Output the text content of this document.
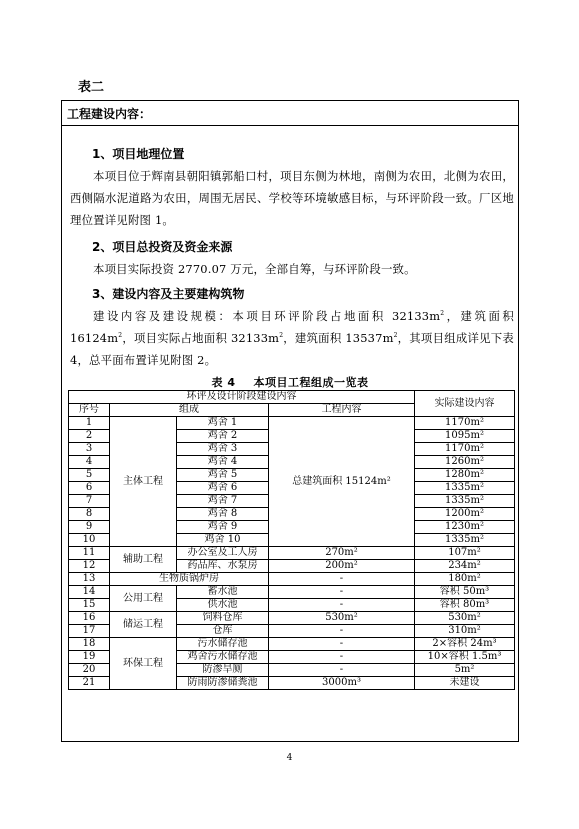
表二
工程建设内容：
1、项目地理位置

本项目位于辉南县朝阳镇郭船口村，项目东侧为林地，南侧为农田，北侧为农田，西侧隔水泥道路为农田，周围无居民、学校等环境敏感目标，与环评阶段一致。厂区地理位置详见附图 1。

2、项目总投资及资金来源

本项目实际投资 2770.07 万元，全部自筹，与环评阶段一致。

3、建设内容及主要建构筑物

建设内容及建设规模：本项目环评阶段占地面积 $32133m^2$，建筑面积 $16124m^2$，项目实际占地面积 $32133m^2$，建筑面积 $13537m^2$，其项目组成详见下表 4，总平面布置详见附图 2。

表 4 本项目工程组成一览表
环评及设计阶段建设内容				实际建设内容
序号	组成		工程内容	
1	主体工程	鸡舍 1	总建筑面积 15124m²	1170m²
2		鸡舍 2		1095m²
3		鸡舍 3		1170m²
4		鸡舍 4		1260m²
5		鸡舍 5		1280m²
6		鸡舍 6		1335m²
7		鸡舍 7		1335m²
8		鸡舍 8		1200m²
9		鸡舍 9		1230m²
10		鸡舍 10		1335m²
11	辅助工程	办公室及工人房	270m²	107m²
12		药品库、水泵房	200m²	234m²
13	生物质锅炉房		-	180m²
14	公用工程	蓄水池	-	容积 50m³
15		供水池	-	容积 80m³
16	储运工程	饲料仓库	530m²	530m²
17		仓库	-	310m²
18	环保工程	污水储存池	-	2×容积 24m³
19		鸡舍污水储存池	-	10×容积 1.5m³
20		防渗旱厕	-	5m²
21		防雨防渗储粪池	3000m³	未建设
4
